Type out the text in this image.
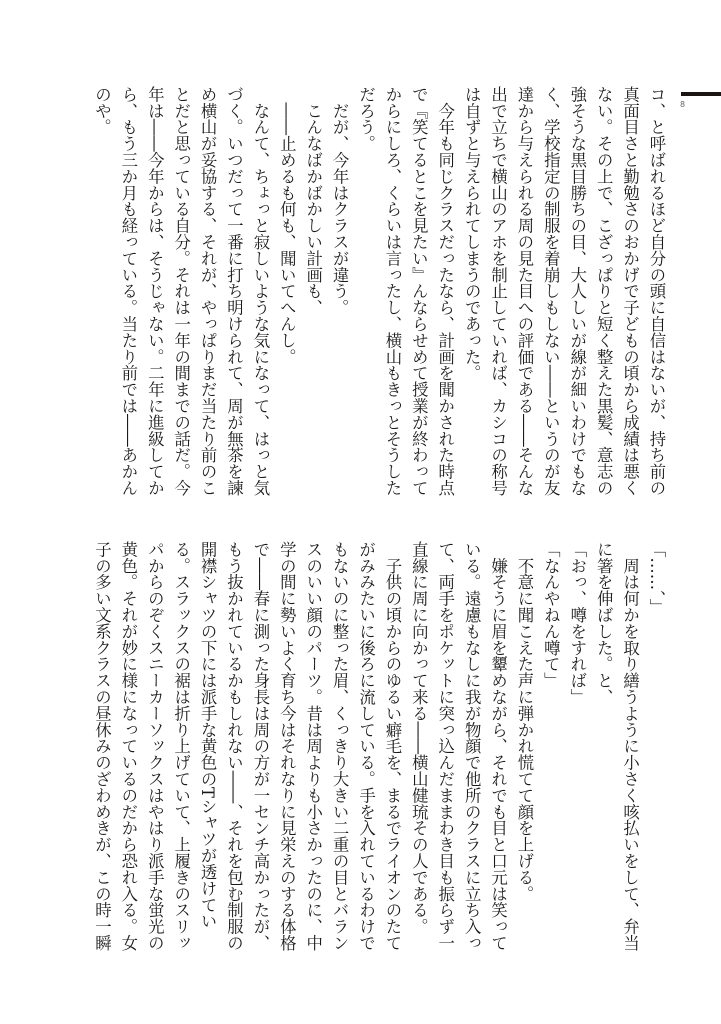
8
コ、と呼ばれるほど自分の頭に自信はないが、持ち前の
真面目さと勤勉さのおかげで子どもの頃から成績は悪く
ない。その上で、こざっぱりと短く整えた黒髪、意志の
強そうな黒目勝ちの目、大人しいが線が細いわけでもな
く、学校指定の制服を着崩しもしない――というのが友
達から与えられる周の見た目への評価である――そんな
出で立ちで横山のアホを制止していれば、カシコの称号
は自ずと与えられてしまうのであった。
　今年も同じクラスだったなら、計画を聞かされた時点
で『笑てるとこを見たい』んならせめて授業が終わって
からにしろ、くらいは言ったし、横山もきっとそうした
だろう。
　だが、今年はクラスが違う。
　こんなばかばかしい計画も、
　――止めるも何も、聞いてへんし。
　なんて、ちょっと寂しいような気になって、はっと気
づく。いつだって一番に打ち明けられて、周が無茶を諫
め横山が妥協する、それが、やっぱりまだ当たり前のこ
とだと思っている自分。それは一年の間までの話だ。今
年は――今年からは、そうじゃない。二年に進級してか
ら、もう三か月も経っている。当たり前では――あかん
のや。
「……、」
　周は何かを取り繕うように小さく咳払いをして、弁当
に箸を伸ばした。と、
「おっ、噂をすれば」
「なんやねん噂て」
　不意に聞こえた声に弾かれ慌てて顔を上げる。
　嫌そうに眉を顰めながら、それでも目と口元は笑って
いる。遠慮もなしに我が物顔で他所のクラスに立ち入っ
て、両手をポケットに突っ込んだままわき目も振らず一
直線に周に向かって来る――横山健琉その人である。
　子供の頃からのゆるい癖毛を、まるでライオンのたて
がみみたいに後ろに流している。手を入れているわけで
もないのに整った眉、くっきり大きい二重の目とバラン
スのいい顔のパーツ。昔は周よりも小さかったのに、中
学の間に勢いよく育ち今はそれなりに見栄えのする体格
で――春に測った身長は周の方が一センチ高かったが、
もう抜かれているかもしれない――、それを包む制服の
開襟シャツの下には派手な黄色のTシャツが透けてい
る。スラックスの裾は折り上げていて、上履きのスリッ
パからのぞくスニーカーソックスはやはり派手な蛍光の
黄色。それが妙に様になっているのだから恐れ入る。女
子の多い文系クラスの昼休みのざわめきが、この時一瞬
